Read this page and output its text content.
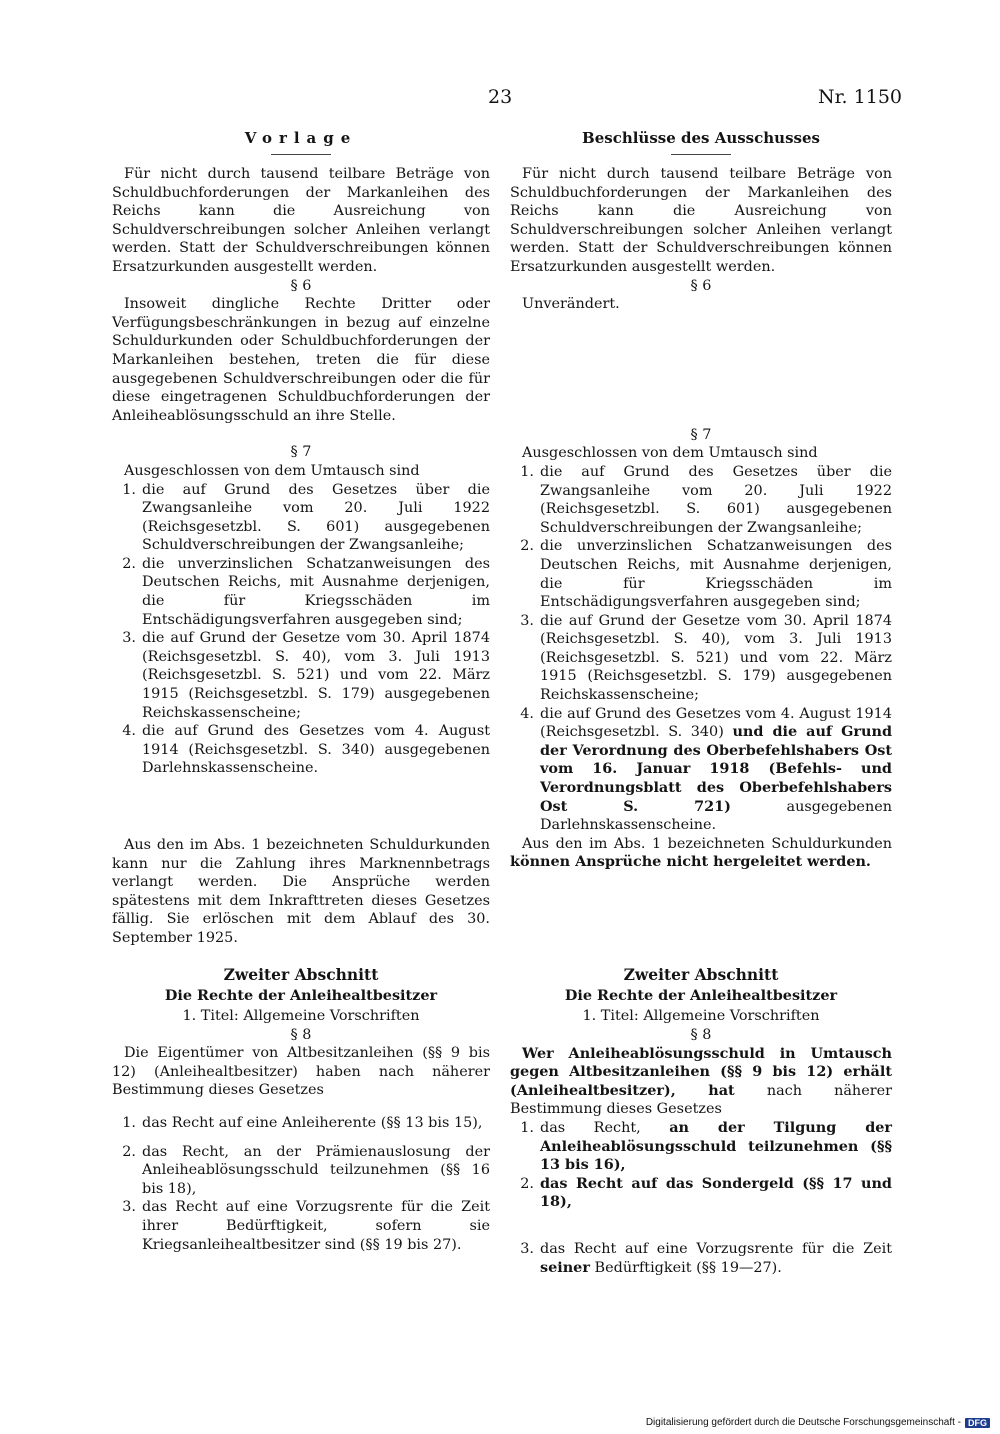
23	Nr. 1150
Vorlage

Für nicht durch tausend teilbare Beträge von Schuldbuchforderungen der Markanleihen des Reichs kann die Ausreichung von Schuldverschreibungen solcher Anleihen verlangt werden. Statt der Schuldverschreibungen können Ersatzurkunden ausgestellt werden.

§ 6

Insoweit dingliche Rechte Dritter oder Verfügungsbeschränkungen in bezug auf einzelne Schuldurkunden oder Schuldbuchforderungen der Markanleihen bestehen, treten die für diese ausgegebenen Schuldverschreibungen oder die für diese eingetragenen Schuldbuchforderungen der Anleiheablösungsschuld an ihre Stelle.

§ 7

Ausgeschlossen von dem Umtausch sind

1. die auf Grund des Gesetzes über die Zwangsanleihe vom 20. Juli 1922 (Reichsgesetzbl. S. 601) ausgegebenen Schuldverschreibungen der Zwangsanleihe;
2. die unverzinslichen Schatzanweisungen des Deutschen Reichs, mit Ausnahme derjenigen, die für Kriegsschäden im Entschädigungsverfahren ausgegeben sind;
3. die auf Grund der Gesetze vom 30. April 1874 (Reichsgesetzbl. S. 40), vom 3. Juli 1913 (Reichsgesetzbl. S. 521) und vom 22. März 1915 (Reichsgesetzbl. S. 179) ausgegebenen Reichskassenscheine;
4. die auf Grund des Gesetzes vom 4. August 1914 (Reichsgesetzbl. S. 340) ausgegebenen Darlehnskassenscheine.

Aus den im Abs. 1 bezeichneten Schuldurkunden kann nur die Zahlung ihres Marknennbetrags verlangt werden. Die Ansprüche werden spätestens mit dem Inkrafttreten dieses Gesetzes fällig. Sie erlöschen mit dem Ablauf des 30. September 1925.

Zweiter Abschnitt
Die Rechte der Anleihealtbesitzer
1. Titel: Allgemeine Vorschriften
§ 8

Die Eigentümer von Altbesitzanleihen (§§ 9 bis 12) (Anleihealtbesitzer) haben nach näherer Bestimmung dieses Gesetzes

1. das Recht auf eine Anleiherente (§§ 13 bis 15),
2. das Recht, an der Prämienauslosung der Anleiheablösungsschuld teilzunehmen (§§ 16 bis 18),
3. das Recht auf eine Vorzugsrente für die Zeit ihrer Bedürftigkeit, sofern sie Kriegsanleihealtbesitzer sind (§§ 19 bis 27).
Beschlüsse des Ausschusses

Für nicht durch tausend teilbare Beträge von Schuldbuchforderungen der Markanleihen des Reichs kann die Ausreichung von Schuldverschreibungen solcher Anleihen verlangt werden. Statt der Schuldverschreibungen können Ersatzurkunden ausgestellt werden.

§ 6

Unverändert.

§ 7

Ausgeschlossen von dem Umtausch sind

1. die auf Grund des Gesetzes über die Zwangsanleihe vom 20. Juli 1922 (Reichsgesetzbl. S. 601) ausgegebenen Schuldverschreibungen der Zwangsanleihe;
2. die unverzinslichen Schatzanweisungen des Deutschen Reichs, mit Ausnahme derjenigen, die für Kriegsschäden im Entschädigungsverfahren ausgegeben sind;
3. die auf Grund der Gesetze vom 30. April 1874 (Reichsgesetzbl. S. 40), vom 3. Juli 1913 (Reichsgesetzbl. S. 521) und vom 22. März 1915 (Reichsgesetzbl. S. 179) ausgegebenen Reichskassenscheine;
4. die auf Grund des Gesetzes vom 4. August 1914 (Reichsgesetzbl. S. 340) und die auf Grund der Verordnung des Oberbefehlshabers Ost vom 16. Januar 1918 (Befehls- und Verordnungsblatt des Oberbefehlshabers Ost S. 721)	ausgegebenen Darlehnskassenscheine.

Aus den im Abs. 1 bezeichneten Schuldurkunden können Ansprüche nicht hergeleitet werden.

Zweiter Abschnitt
Die Rechte der Anleihealtbesitzer
1. Titel: Allgemeine Vorschriften
§ 8

Wer Anleiheablösungsschuld in Umtausch gegen Altbesitzanleihen (§§ 9 bis 12) erhält (Anleihealtbesitzer), hat nach näherer Bestimmung dieses Gesetzes

1. das Recht, an der Tilgung der Anleiheablösungsschuld teilzunehmen (§§ 13 bis 16),
2. das Recht auf das Sondergeld (§§ 17 und 18),
3. das Recht auf eine Vorzugsrente für die Zeit seiner Bedürftigkeit (§§ 19—27).
Digitalisierung gefördert durch die Deutsche Forschungsgemeinschaft - DFG
